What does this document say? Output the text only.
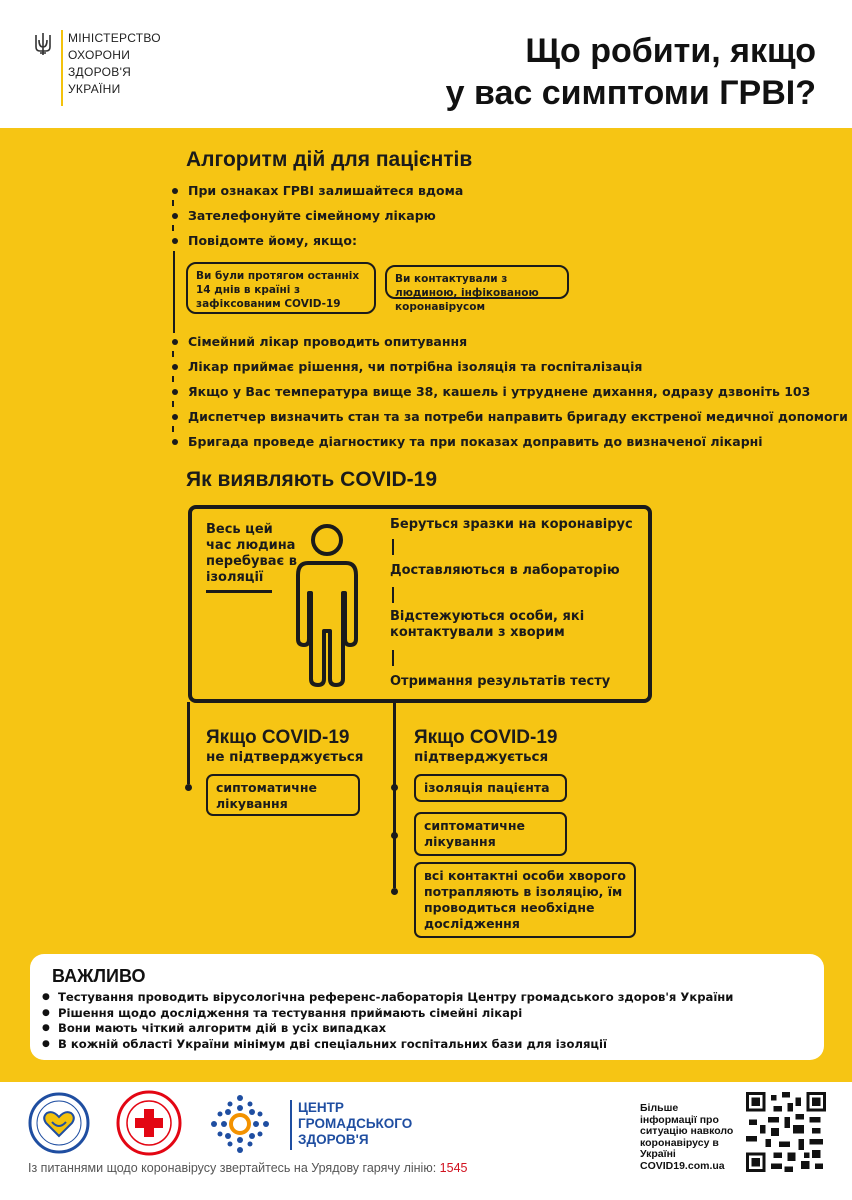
МІНІСТЕРСТВО
ОХОРОНИ
ЗДОРОВ'Я
УКРАЇНИ
Що робити, якщо
у вас симптоми ГРВІ?
Алгоритм дій для пацієнтів
При ознаках ГРВІ залишайтеся вдома
Зателефонуйте сімейному лікарю
Повідомте йому, якщо:
Ви були протягом останніх 14 днів в країні з зафіксованим COVID-19
Ви контактували з людиною, інфікованою коронавірусом
Сімейний лікар проводить опитування
Лікар приймає рішення, чи потрібна ізоляція та госпіталізація
Якщо у Вас температура вище 38, кашель і утруднене дихання, одразу дзвоніть 103
Диспетчер визначить стан та за потреби направить бригаду екстреної медичної допомоги
Бригада проведе діагностику та при показах доправить до визначеної лікарні
Як виявляють COVID-19
Весь цей час людина перебуває в ізоляції
Беруться зразки на коронавірус
Доставляються в лабораторію
Відстежуються особи, які контактували з хворим
Отримання результатів тесту
Якщо COVID-19
не підтверджується
сиптоматичне лікування
Якщо COVID-19
підтверджується
ізоляція пацієнта
сиптоматичне лікування
всі контактні особи хворого потрапляють в ізоляцію, їм проводиться необхідне дослідження
ВАЖЛИВО
● Тестування проводить вірусологічна референс-лабораторія Центру громадського здоров'я України
● Рішення щодо дослідження та тестування приймають сімейні лікарі
● Вони мають чіткий алгоритм дій в усіх випадках
● В кожній області України мінімум дві спеціальних госпітальних бази для ізоляції
ЦЕНТР
ГРОМАДСЬКОГО
ЗДОРОВ'Я
Із питаннями щодо коронавірусу звертайтесь на Урядову гарячу лінію: 1545
Більше
інформації про
ситуацію навколо
коронавірусу в
Україні
COVID19.com.ua
